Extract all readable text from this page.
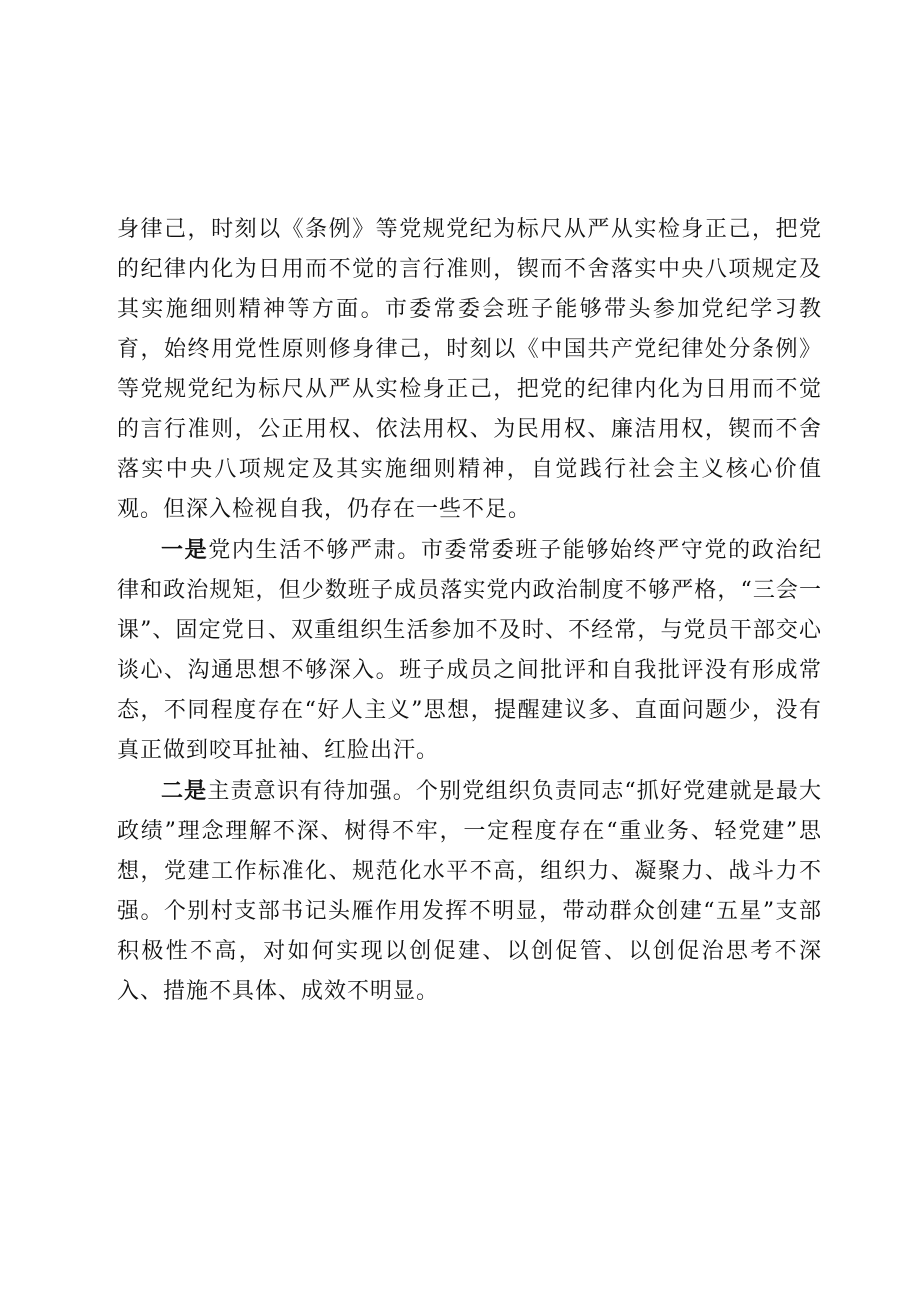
身律己，时刻以《条例》等党规党纪为标尺从严从实检身正己，把党的纪律内化为日用而不觉的言行准则，锲而不舍落实中央八项规定及其实施细则精神等方面。市委常委会班子能够带头参加党纪学习教育，始终用党性原则修身律己，时刻以《中国共产党纪律处分条例》等党规党纪为标尺从严从实检身正己，把党的纪律内化为日用而不觉的言行准则，公正用权、依法用权、为民用权、廉洁用权，锲而不舍落实中央八项规定及其实施细则精神，自觉践行社会主义核心价值观。但深入检视自我，仍存在一些不足。

一是党内生活不够严肃。市委常委班子能够始终严守党的政治纪律和政治规矩，但少数班子成员落实党内政治制度不够严格，“三会一课”、固定党日、双重组织生活参加不及时、不经常，与党员干部交心谈心、沟通思想不够深入。班子成员之间批评和自我批评没有形成常态，不同程度存在“好人主义”思想，提醒建议多、直面问题少，没有真正做到咬耳扯袖、红脸出汗。

二是主责意识有待加强。个别党组织负责同志“抓好党建就是最大政绩”理念理解不深、树得不牢，一定程度存在“重业务、轻党建”思想，党建工作标准化、规范化水平不高，组织力、凝聚力、战斗力不强。个别村支部书记头雁作用发挥不明显，带动群众创建“五星”支部积极性不高，对如何实现以创促建、以创促管、以创促治思考不深入、措施不具体、成效不明显。
